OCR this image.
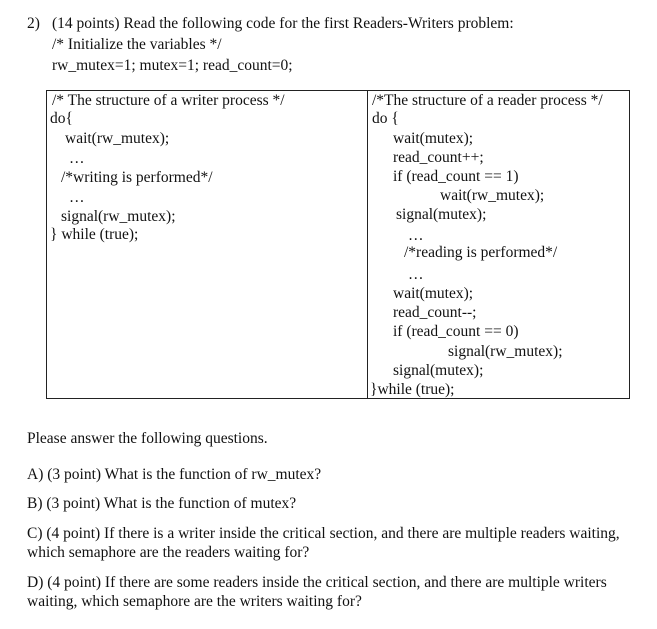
2) (14 points) Read the following code for the first Readers-Writers problem:
/* Initialize the variables */
rw_mutex=1; mutex=1; read_count=0;
/* The structure of a writer process */
do{
wait(rw_mutex);
…
/*writing is performed*/
…
signal(rw_mutex);
} while (true);
/*The structure of a reader process */
do {
wait(mutex);
read_count++;
if (read_count == 1)
wait(rw_mutex);
signal(mutex);
…
/*reading is performed*/
…
wait(mutex);
read_count--;
if (read_count == 0)
signal(rw_mutex);
signal(mutex);
}while (true);
Please answer the following questions.
A) (3 point) What is the function of rw_mutex?
B) (3 point) What is the function of mutex?
C) (4 point) If there is a writer inside the critical section, and there are multiple readers waiting, which semaphore are the readers waiting for?
D) (4 point) If there are some readers inside the critical section, and there are multiple writers waiting, which semaphore are the writers waiting for?
